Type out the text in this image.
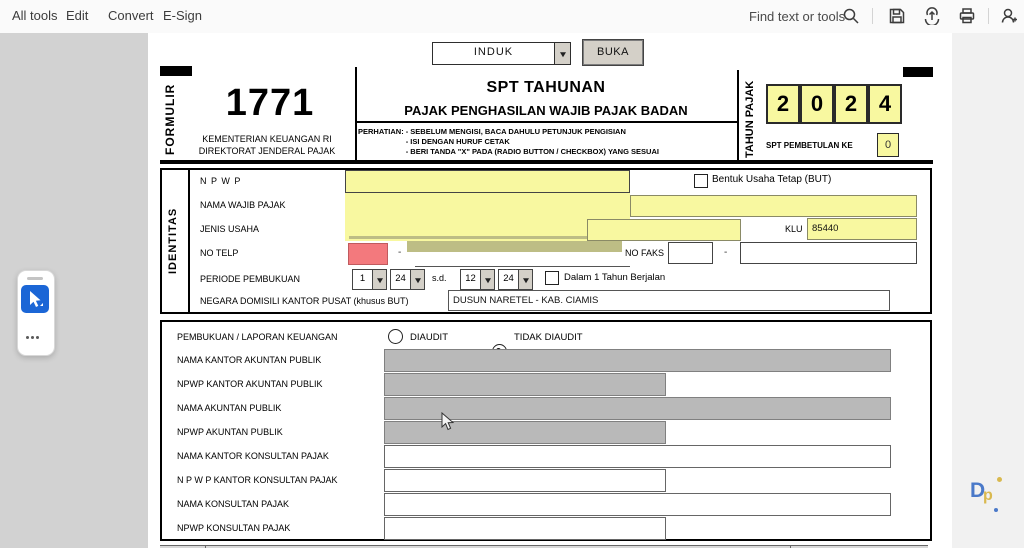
All tools Edit Convert E-Sign	Find text or tools
INDUK	BUKA
FORMULIR	1771
KEMENTERIAN KEUANGAN RI
DIREKTORAT JENDERAL PAJAK
SPT TAHUNAN
PAJAK PENGHASILAN WAJIB PAJAK BADAN
PERHATIAN: - SEBELUM MENGISI, BACA DAHULU PETUNJUK PENGISIAN
- ISI DENGAN HURUF CETAK
- BERI TANDA "X" PADA (RADIO BUTTON / CHECKBOX) YANG SESUAI	TAHUN PAJAK 2 0 2 4
SPT PEMBETULAN KE	0
IDENTITAS
N P W P	Bentuk Usaha Tetap (BUT)
NAMA WAJIB PAJAK
JENIS USAHA	KLU 85440
NO TELP	-	NO FAKS	-
PERIODE PEMBUKUAN	1	24	s.d.	12	24	Dalam 1 Tahun Berjalan
NEGARA DOMISILI KANTOR PUSAT (khusus BUT)	DUSUN NARETEL - KAB. CIAMIS
PEMBUKUAN / LAPORAN KEUANGAN	DIAUDIT	TIDAK DIAUDIT
NAMA KANTOR AKUNTAN PUBLIK
NPWP KANTOR AKUNTAN PUBLIK
NAMA AKUNTAN PUBLIK
NPWP AKUNTAN PUBLIK
NAMA KANTOR KONSULTAN PAJAK
N P W P KANTOR KONSULTAN PAJAK
NAMA KONSULTAN PAJAK
NPWP KONSULTAN PAJAK
D
p
